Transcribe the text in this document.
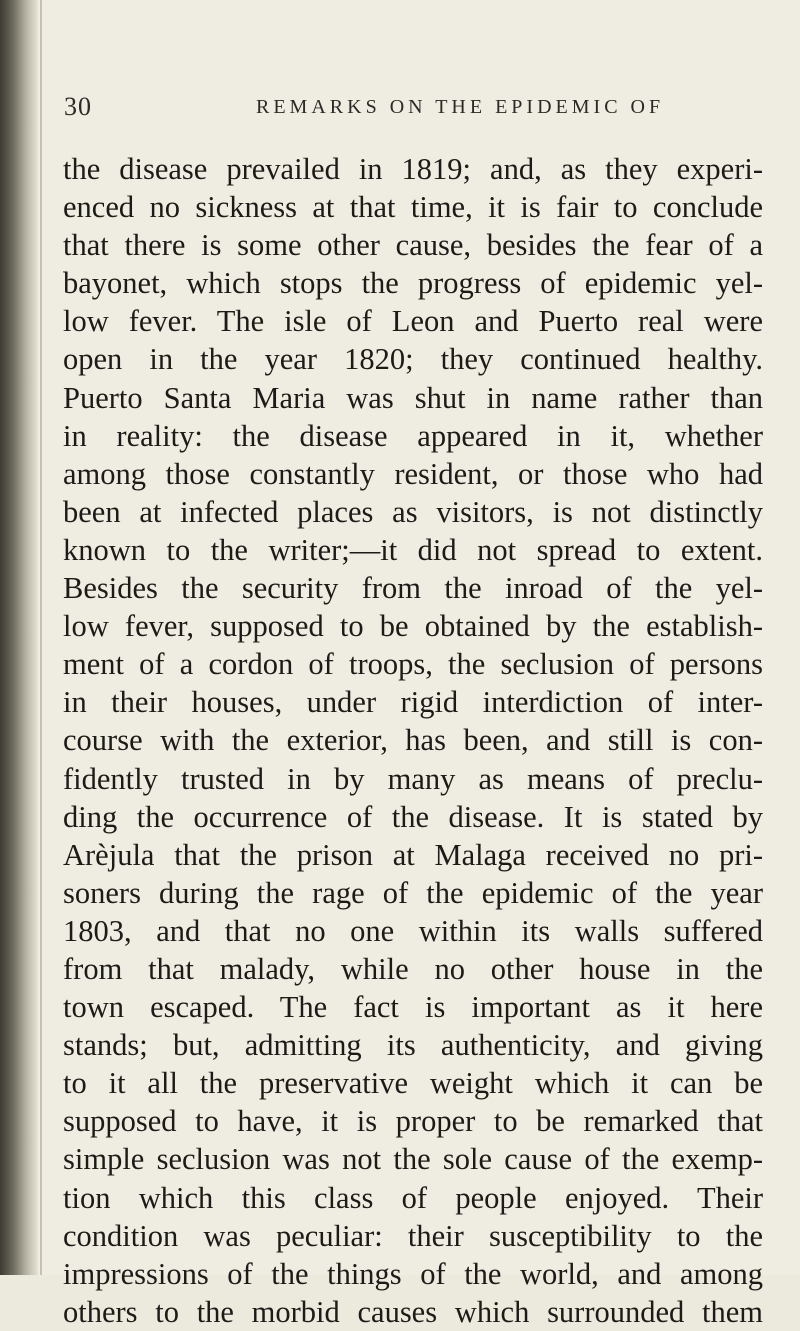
30	REMARKS ON THE EPIDEMIC OF
the disease prevailed in 1819; and, as they experi-
enced no sickness at that time, it is fair to conclude
that there is some other cause, besides the fear of a
bayonet, which stops the progress of epidemic yel-
low fever. The isle of Leon and Puerto real were
open in the year 1820; they continued healthy.
Puerto Santa Maria was shut in name rather than
in reality: the disease appeared in it, whether
among those constantly resident, or those who had
been at infected places as visitors, is not distinctly
known to the writer;—it did not spread to extent.
Besides the security from the inroad of the yel-
low fever, supposed to be obtained by the establish-
ment of a cordon of troops, the seclusion of persons
in their houses, under rigid interdiction of inter-
course with the exterior, has been, and still is con-
fidently trusted in by many as means of preclu-
ding the occurrence of the disease. It is stated by
Arèjula that the prison at Malaga received no pri-
soners during the rage of the epidemic of the year
1803, and that no one within its walls suffered
from that malady, while no other house in the
town escaped. The fact is important as it here
stands; but, admitting its authenticity, and giving
to it all the preservative weight which it can be
supposed to have, it is proper to be remarked that
simple seclusion was not the sole cause of the exemp-
tion which this class of people enjoyed. Their
condition was peculiar: their susceptibility to the
impressions of the things of the world, and among
others to the morbid causes which surrounded them
